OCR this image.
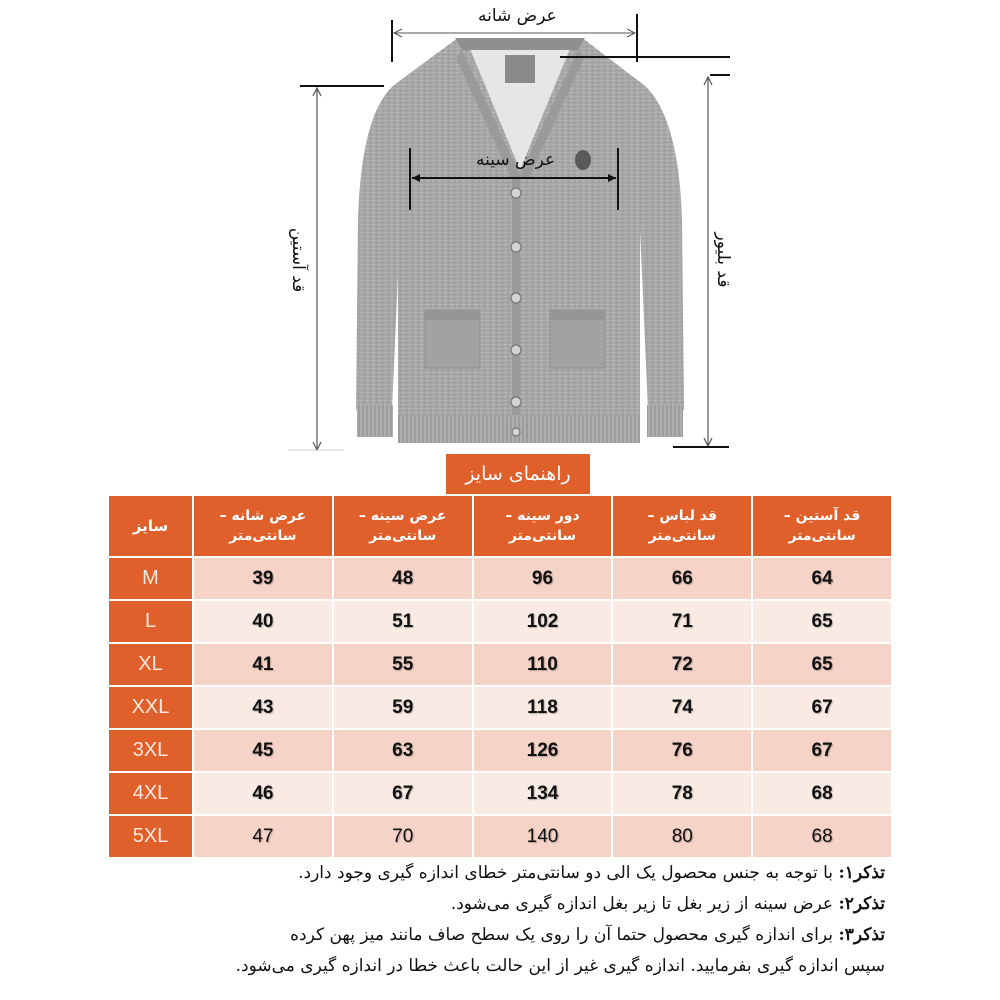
عرض شانه
عرض سینه
قد آستین	قد بلیور
راهنمای سایز
سایز	
عرض شانه –
سانتی‌متر

عرض سینه –
سانتی‌متر

دور سینه –
سانتی‌متر

قد لباس –
سانتی‌متر

قد آستین –
سانتی‌متر

M	39	48	96	66	64
L	40	51	102	71	65
XL	41	55	110	72	65
XXL	43	59	118	74	67
3XL	45	63	126	76	67
4XL	46	67	134	78	68
5XL	47	70	140	80	68
تذکر۱: با توجه به جنس محصول یک الی دو سانتی‌متر خطای اندازه گیری وجود دارد.
تذکر۲: عرض سینه از زیر بغل تا زیر بغل اندازه گیری می‌شود.
تذکر۳: برای اندازه گیری محصول حتما آن را روی یک سطح صاف مانند میز پهن کرده
سپس اندازه گیری بفرمایید. اندازه گیری غیر از این حالت باعث خطا در اندازه گیری می‌شود.
